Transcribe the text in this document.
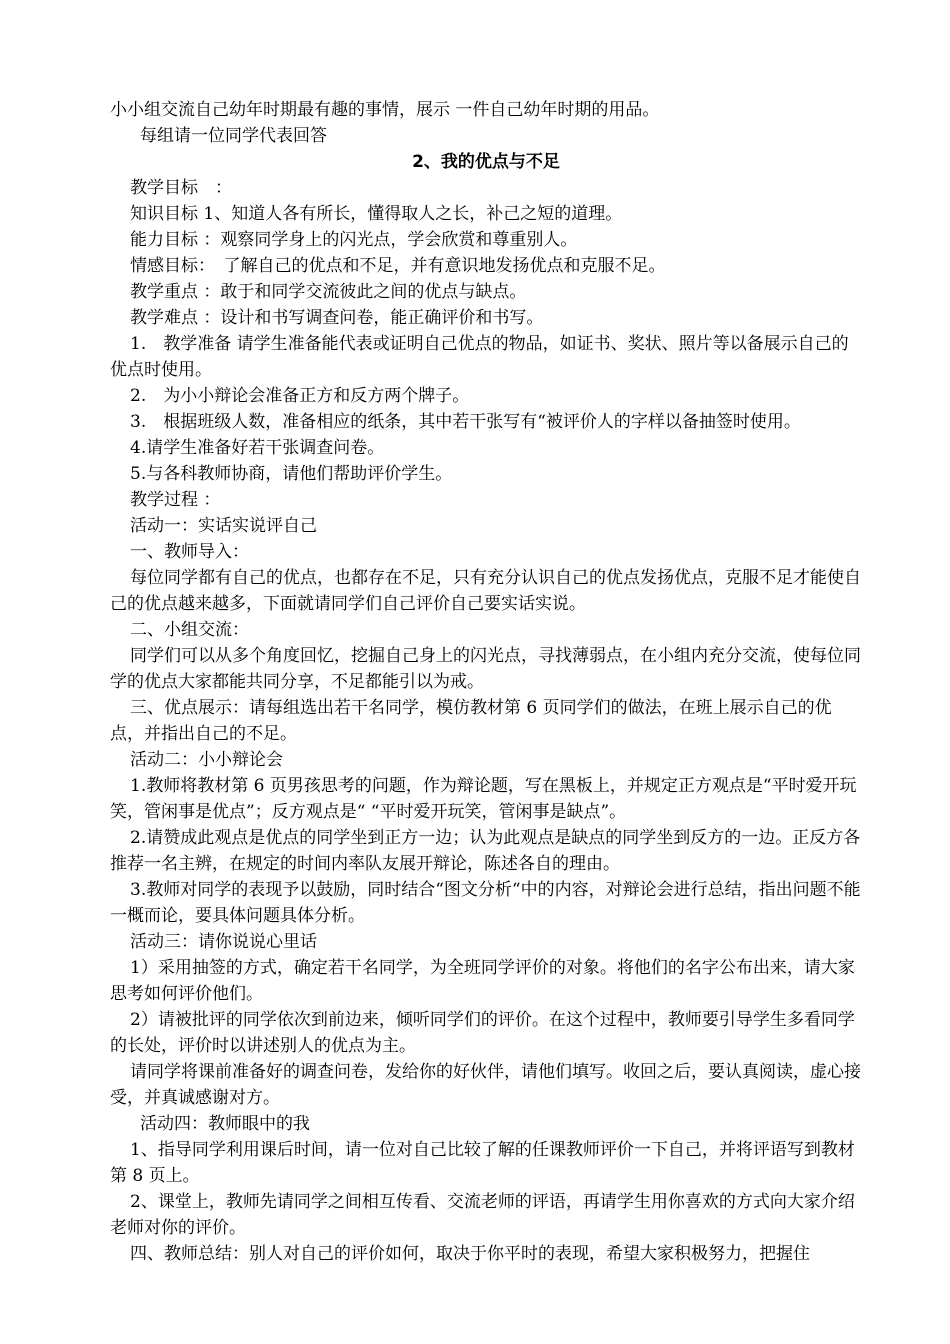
小小组交流自己幼年时期最有趣的事情，展示 一件自己幼年时期的用品。

每组请一位同学代表回答

2、我的优点与不足

教学目标　：

知识目标 1、知道人各有所长，懂得取人之长，补己之短的道理。

能力目标 ：观察同学身上的闪光点，学会欣赏和尊重别人。

情感目标：　了解自己的优点和不足，并有意识地发扬优点和克服不足。

教学重点 ：敢于和同学交流彼此之间的优点与缺点。

教学难点 ：设计和书写调查问卷，能正确评价和书写。

1.　教学准备 请学生准备能代表或证明自己优点的物品，如证书、奖状、照片等以备展示自己的优点时使用。

2.　为小小辩论会准备正方和反方两个牌子。

3.　根据班级人数，准备相应的纸条，其中若干张写有“被评价人的字样以备抽签时使用。

4.请学生准备好若干张调查问卷。

5.与各科教师协商，请他们帮助评价学生。

教学过程 ：

活动一：实话实说评自己

一、教师导入：

每位同学都有自己的优点，也都存在不足，只有充分认识自己的优点发扬优点，克服不足才能使自己的优点越来越多，下面就请同学们自己评价自己要实话实说。

二、小组交流：

同学们可以从多个角度回忆，挖掘自己身上的闪光点，寻找薄弱点，在小组内充分交流，使每位同学的优点大家都能共同分享，不足都能引以为戒。

三、优点展示：请每组选出若干名同学，模仿教材第 6 页同学们的做法，在班上展示自己的优点，并指出自己的不足。

活动二：小小辩论会

1.教师将教材第 6 页男孩思考的问题，作为辩论题，写在黑板上，并规定正方观点是“平时爱开玩笑，管闲事是优点”；反方观点是“ “平时爱开玩笑，管闲事是缺点”。

2.请赞成此观点是优点的同学坐到正方一边；认为此观点是缺点的同学坐到反方的一边。正反方各推荐一名主辨，在规定的时间内率队友展开辩论，陈述各自的理由。

3.教师对同学的表现予以鼓励，同时结合“图文分析“中的内容，对辩论会进行总结，指出问题不能一概而论，要具体问题具体分析。

活动三：请你说说心里话

1）采用抽签的方式，确定若干名同学，为全班同学评价的对象。将他们的名字公布出来，请大家思考如何评价他们。

2）请被批评的同学依次到前边来，倾听同学们的评价。在这个过程中，教师要引导学生多看同学的长处，评价时以讲述别人的优点为主。

请同学将课前准备好的调查问卷，发给你的好伙伴，请他们填写。收回之后，要认真阅读，虚心接受，并真诚感谢对方。

活动四：教师眼中的我

1、指导同学利用课后时间，请一位对自己比较了解的任课教师评价一下自己，并将评语写到教材第 8 页上。

2、课堂上，教师先请同学之间相互传看、交流老师的评语，再请学生用你喜欢的方式向大家介绍老师对你的评价。

四、教师总结：别人对自己的评价如何，取决于你平时的表现，希望大家积极努力，把握住
